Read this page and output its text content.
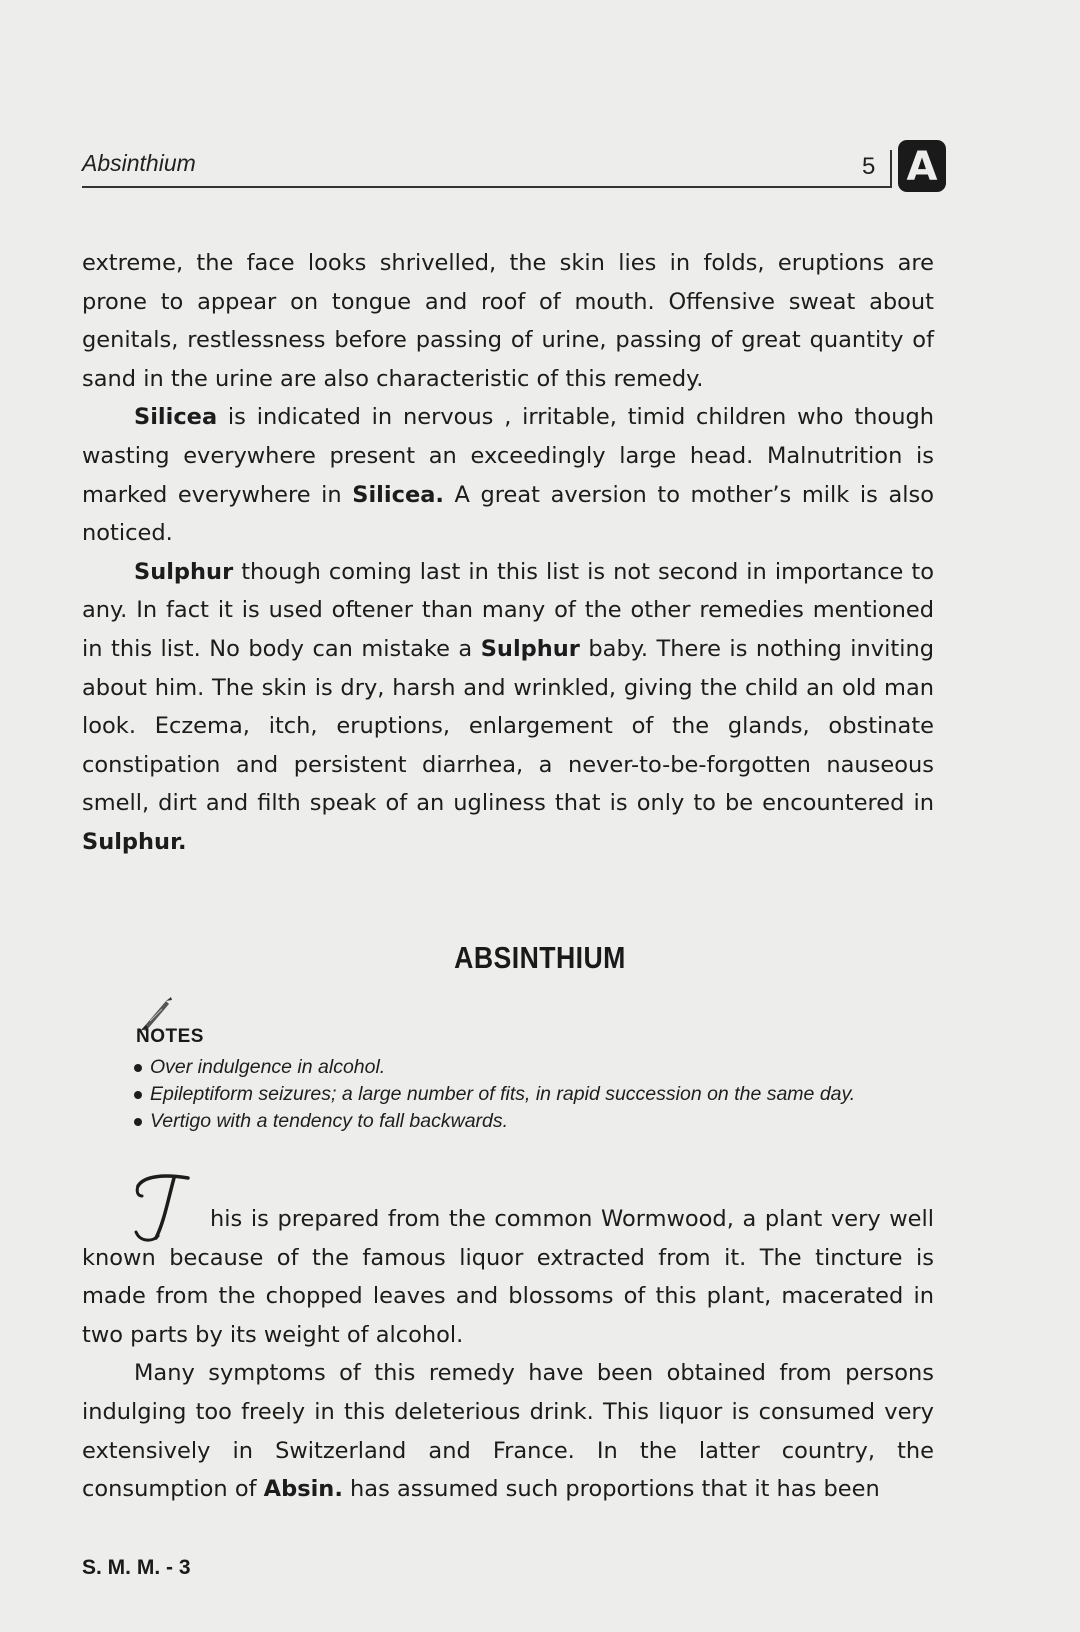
Absinthium	5 A

extreme, the face looks shrivelled, the skin lies in folds, eruptions are prone to appear on tongue and roof of mouth. Offensive sweat about genitals, restlessness before passing of urine, passing of great quantity of sand in the urine are also characteristic of this remedy.

Silicea is indicated in nervous , irritable, timid children who though wasting everywhere present an exceedingly large head. Malnutrition is marked everywhere in Silicea. A great aversion to mother’s milk is also noticed.

Sulphur though coming last in this list is not second in importance to any. In fact it is used oftener than many of the other remedies mentioned in this list. No body can mistake a Sulphur baby. There is nothing inviting about him. The skin is dry, harsh and wrinkled, giving the child an old man look. Eczema, itch, eruptions, enlargement of the glands, obstinate constipation and persistent diarrhea, a never-to-be-forgotten nauseous smell, dirt and filth speak of an ugliness that is only to be encountered in Sulphur.

ABSINTHIUM
NOTES
Over indulgence in alcohol.
Epileptiform seizures; a large number of fits, in rapid succession on the same day.
Vertigo with a tendency to fall backwards.

his is prepared from the common Wormwood, a plant very well known because of the famous liquor extracted from it. The tincture is made from the chopped leaves and blossoms of this plant, macerated in two parts by its weight of alcohol.

Many symptoms of this remedy have been obtained from persons indulging too freely in this deleterious drink. This liquor is consumed very extensively in Switzerland and France. In the latter country, the consumption of Absin. has assumed such proportions that it has been

S. M. M. - 3
